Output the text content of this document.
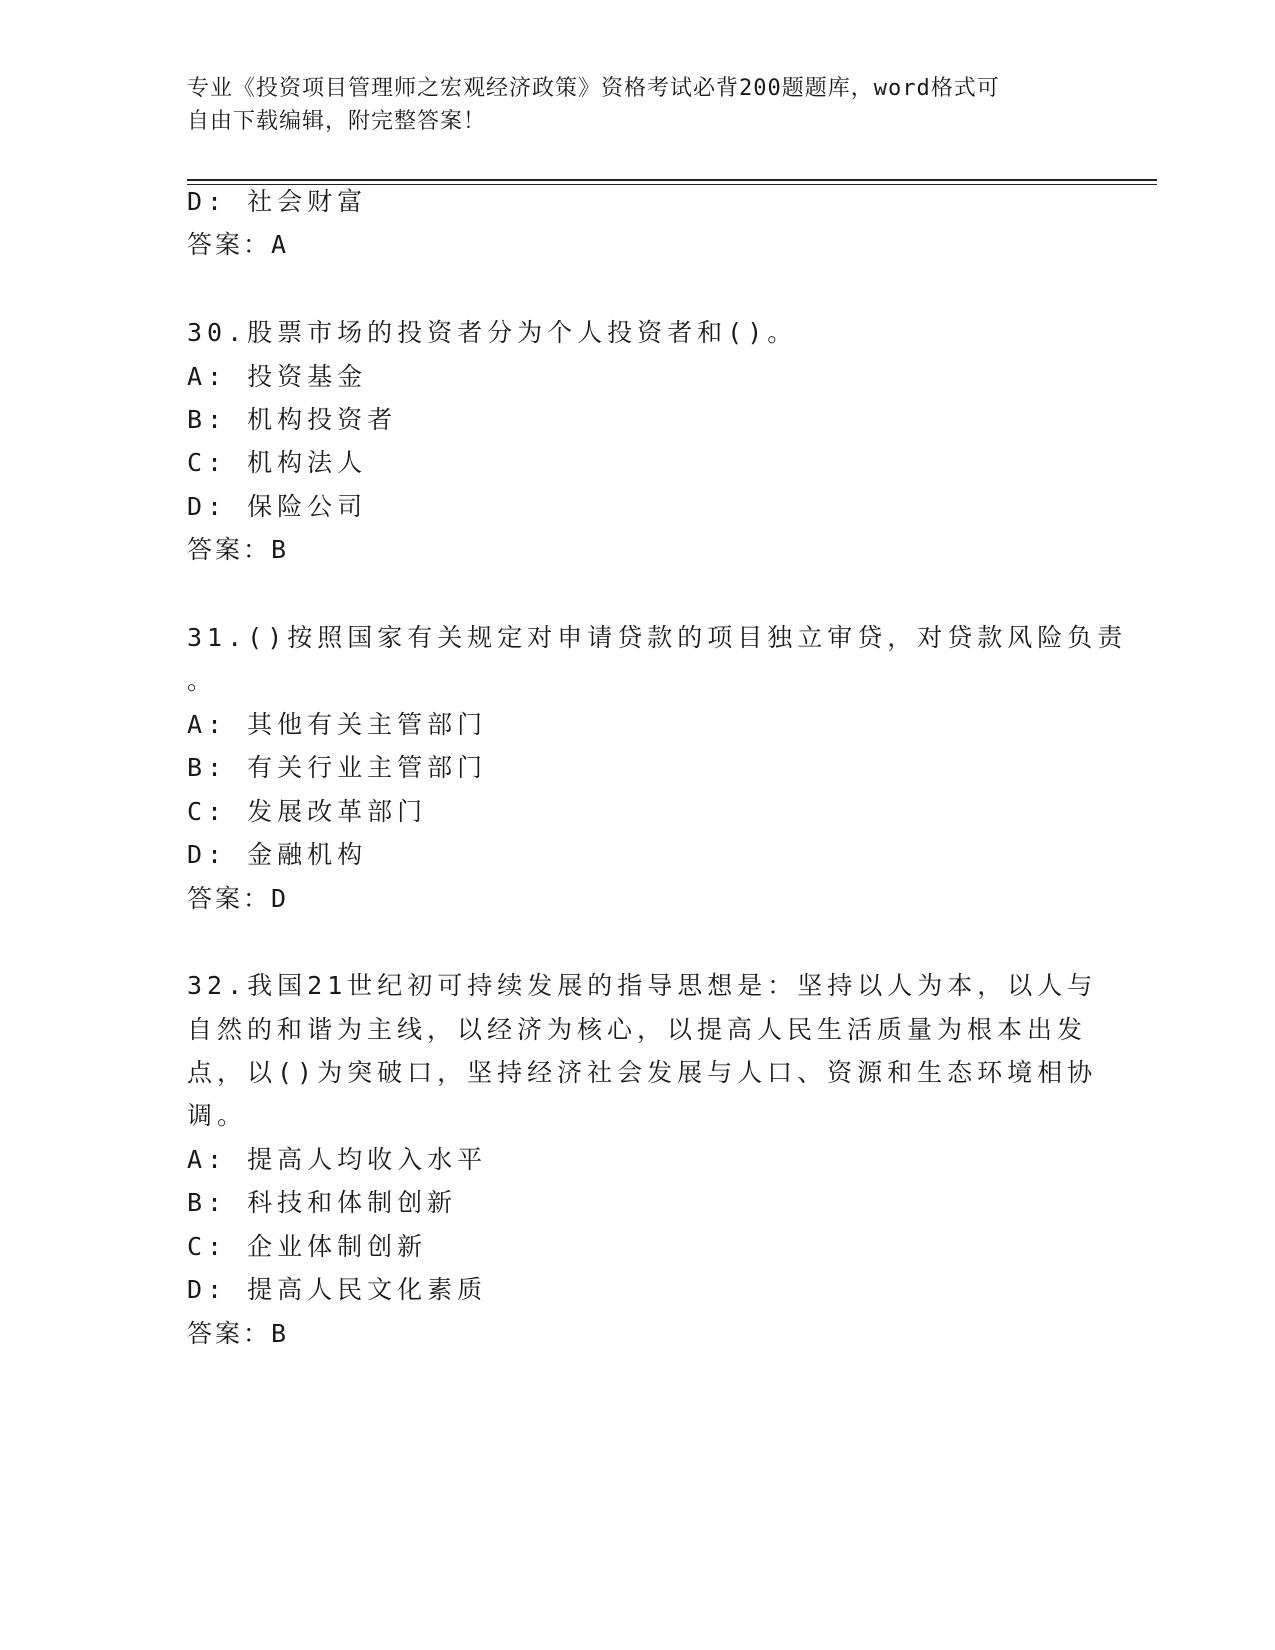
专业《投资项目管理师之宏观经济政策》资格考试必背200题题库，word格式可
自由下载编辑，附完整答案！
D: 社会财富
答案：A
30.股票市场的投资者分为个人投资者和()。
A: 投资基金
B: 机构投资者
C: 机构法人
D: 保险公司
答案：B
31.()按照国家有关规定对申请贷款的项目独立审贷，对贷款风险负责
。
A: 其他有关主管部门
B: 有关行业主管部门
C: 发展改革部门
D: 金融机构
答案：D
32.我国21世纪初可持续发展的指导思想是：坚持以人为本，以人与
自然的和谐为主线，以经济为核心，以提高人民生活质量为根本出发
点，以()为突破口，坚持经济社会发展与人口、资源和生态环境相协
调。
A: 提高人均收入水平
B: 科技和体制创新
C: 企业体制创新
D: 提高人民文化素质
答案：B
